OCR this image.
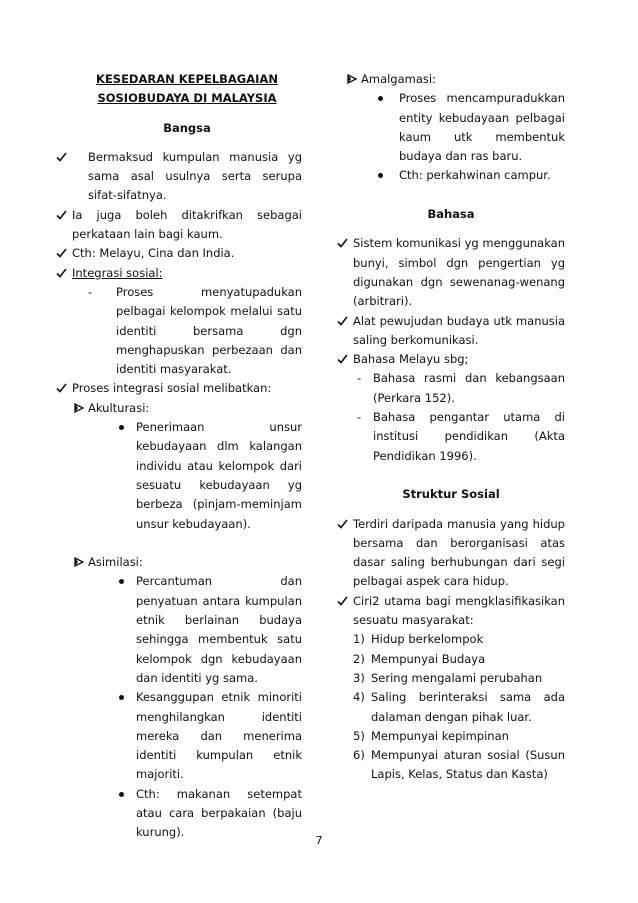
KESEDARAN KEPELBAGAIAN
SOSIOBUDAYA DI MALAYSIA
Bangsa
Bermaksud kumpulan manusia yg sama asal usulnya serta serupa sifat-sifatnya.
Ia juga boleh ditakrifkan sebagai perkataan lain bagi kaum.
Cth: Melayu, Cina dan India.
Integrasi sosial:
- Proses menyatupadukan pelbagai kelompok melalui satu identiti bersama dgn menghapuskan perbezaan dan identiti masyarakat.
Proses integrasi sosial melibatkan:
Akulturasi:
Penerimaan unsur kebudayaan dlm kalangan individu atau kelompok dari sesuatu kebudayaan yg berbeza (pinjam-meminjam unsur kebudayaan).
Asimilasi:
Percantuman dan penyatuan antara kumpulan etnik berlainan budaya sehingga membentuk satu kelompok dgn kebudayaan dan identiti yg sama.
Kesanggupan etnik minoriti menghilangkan identiti mereka dan menerima identiti kumpulan etnik majoriti.
Cth: makanan setempat atau cara berpakaian (baju kurung).
Amalgamasi:
Proses mencampuradukkan entity kebudayaan pelbagai kaum utk membentuk budaya dan ras baru.
Cth: perkahwinan campur.
Bahasa
Sistem komunikasi yg menggunakan bunyi, simbol dgn pengertian yg digunakan dgn sewenanag-wenang (arbitrari).
Alat pewujudan budaya utk manusia saling berkomunikasi.
Bahasa Melayu sbg;
- Bahasa rasmi dan kebangsaan (Perkara 152).
- Bahasa pengantar utama di institusi pendidikan (Akta Pendidikan 1996).
Struktur Sosial
Terdiri daripada manusia yang hidup bersama dan berorganisasi atas dasar saling berhubungan dari segi pelbagai aspek cara hidup.
Ciri2 utama bagi mengklasifikasikan sesuatu masyarakat:
1) Hidup berkelompok
2) Mempunyai Budaya
3) Sering mengalami perubahan
4) Saling berinteraksi sama ada dalaman dengan pihak luar.
5) Mempunyai kepimpinan
6) Mempunyai aturan sosial (Susun Lapis, Kelas, Status dan Kasta)
7
